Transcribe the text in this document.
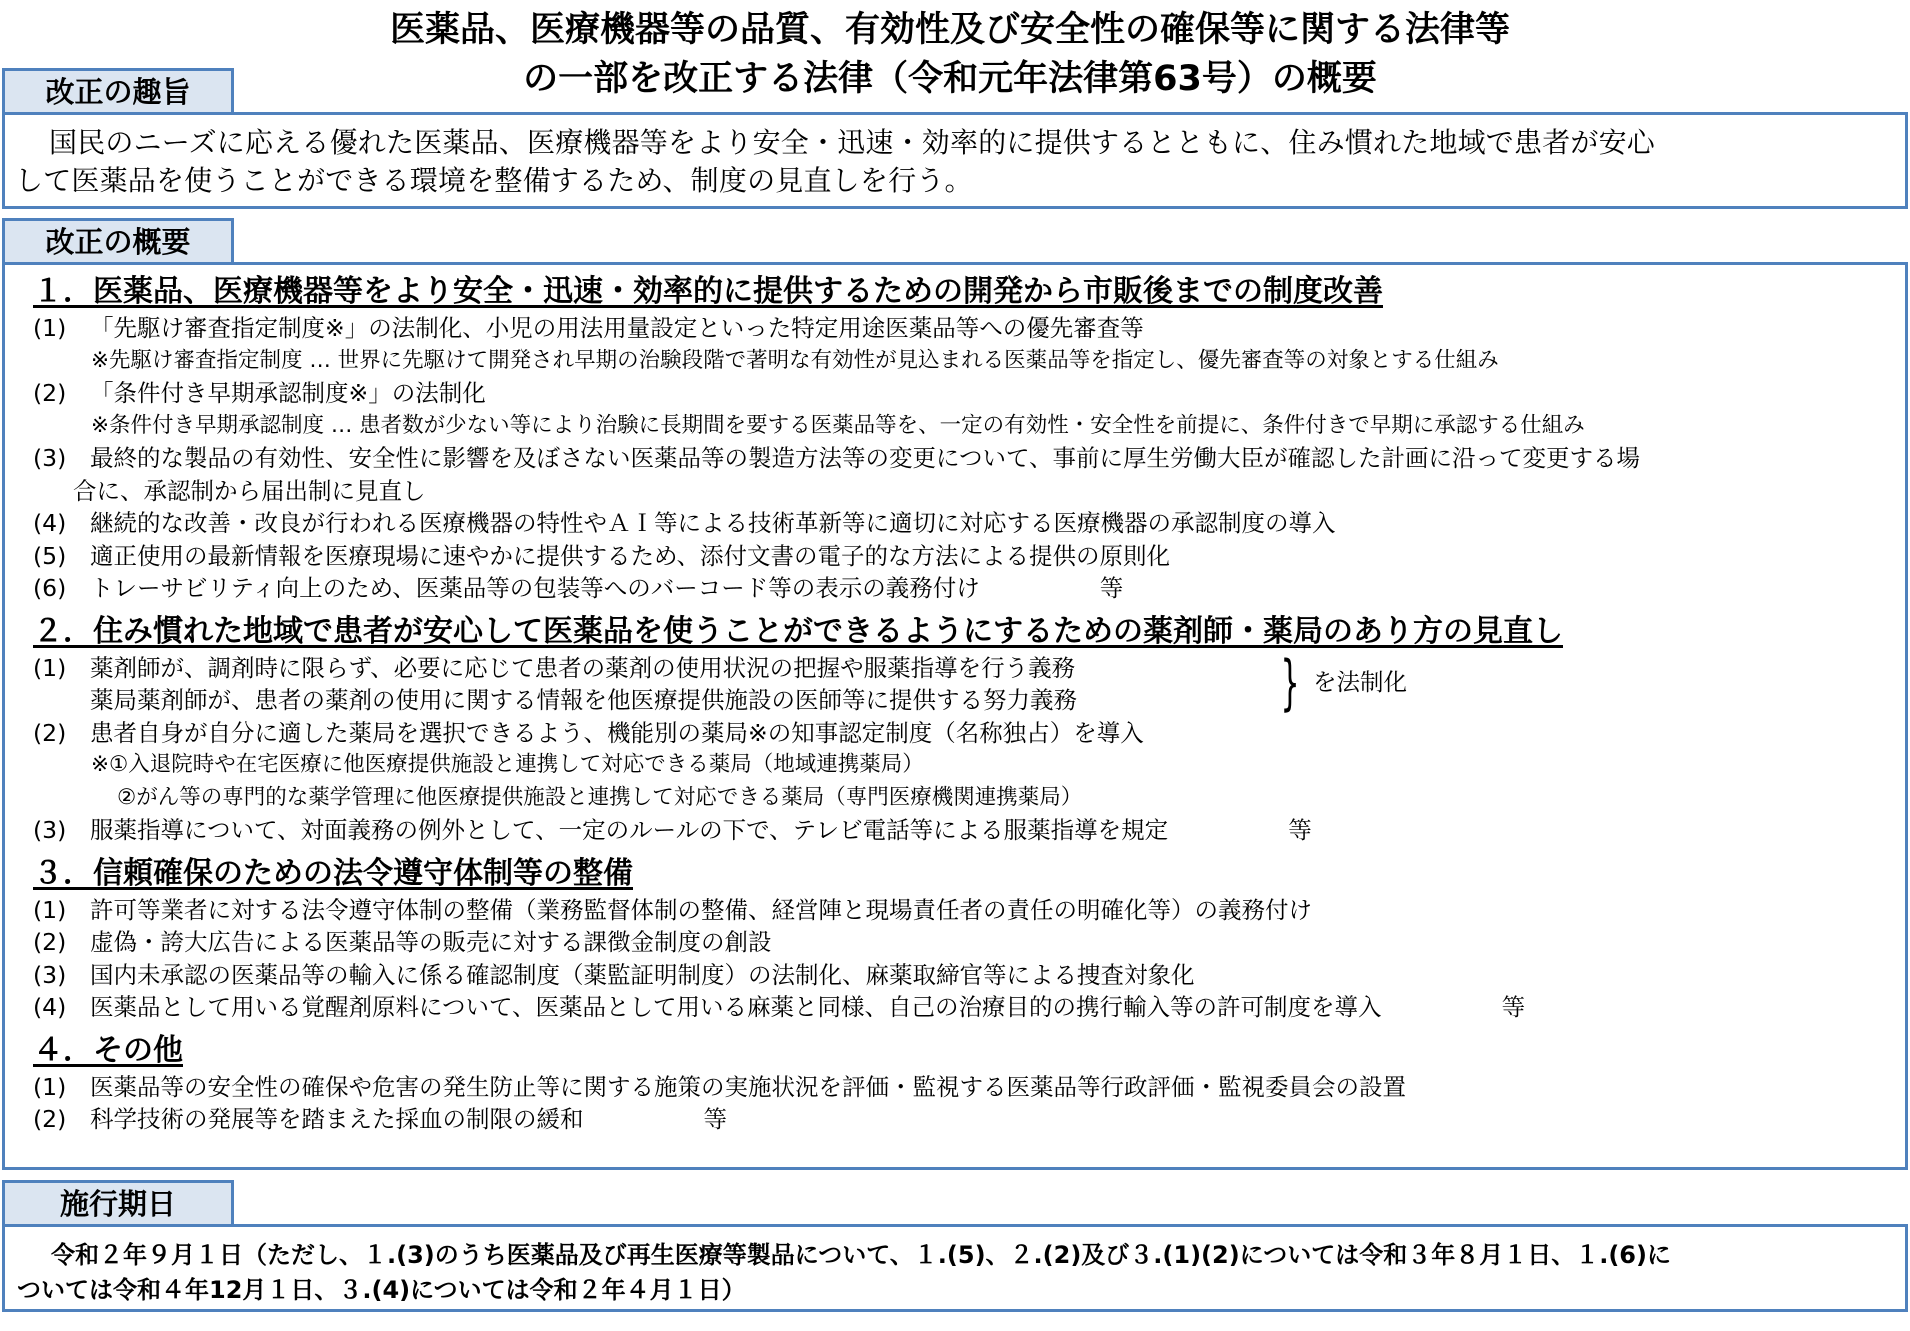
医薬品、医療機器等の品質、有効性及び安全性の確保等に関する法律等
の一部を改正する法律（令和元年法律第63号）の概要
改正の趣旨

国民のニーズに応える優れた医薬品、医療機器等をより安全・迅速・効率的に提供するとともに、住み慣れた地域で患者が安心

して医薬品を使うことができる環境を整備するため、制度の見直しを行う。

改正の概要
１．医薬品、医療機器等をより安全・迅速・効率的に提供するための開発から市販後までの制度改善
(1) 「先駆け審査指定制度※」の法制化、小児の用法用量設定といった特定用途医薬品等への優先審査等
※先駆け審査指定制度 … 世界に先駆けて開発され早期の治験段階で著明な有効性が見込まれる医薬品等を指定し、優先審査等の対象とする仕組み
(2) 「条件付き早期承認制度※」の法制化
※条件付き早期承認制度 … 患者数が少ない等により治験に長期間を要する医薬品等を、一定の有効性・安全性を前提に、条件付きで早期に承認する仕組み
(3) 最終的な製品の有効性、安全性に影響を及ぼさない医薬品等の製造方法等の変更について、事前に厚生労働大臣が確認した計画に沿って変更する場
合に、承認制から届出制に見直し
(4) 継続的な改善・改良が行われる医療機器の特性やＡＩ等による技術革新等に適切に対応する医療機器の承認制度の導入
(5) 適正使用の最新情報を医療現場に速やかに提供するため、添付文書の電子的な方法による提供の原則化
(6) トレーサビリティ向上のため、医薬品等の包装等へのバーコード等の表示の義務付け	等
２．住み慣れた地域で患者が安心して医薬品を使うことができるようにするための薬剤師・薬局のあり方の見直し
(1) 薬剤師が、調剤時に限らず、必要に応じて患者の薬剤の使用状況の把握や服薬指導を行う義務
薬局薬剤師が、患者の薬剤の使用に関する情報を他医療提供施設の医師等に提供する努力義務	} を法制化
(2) 患者自身が自分に適した薬局を選択できるよう、機能別の薬局※の知事認定制度（名称独占）を導入
※①入退院時や在宅医療に他医療提供施設と連携して対応できる薬局（地域連携薬局）
②がん等の専門的な薬学管理に他医療提供施設と連携して対応できる薬局（専門医療機関連携薬局）
(3) 服薬指導について、対面義務の例外として、一定のルールの下で、テレビ電話等による服薬指導を規定	等
３．信頼確保のための法令遵守体制等の整備
(1) 許可等業者に対する法令遵守体制の整備（業務監督体制の整備、経営陣と現場責任者の責任の明確化等）の義務付け
(2) 虚偽・誇大広告による医薬品等の販売に対する課徴金制度の創設
(3) 国内未承認の医薬品等の輸入に係る確認制度（薬監証明制度）の法制化、麻薬取締官等による捜査対象化
(4) 医薬品として用いる覚醒剤原料について、医薬品として用いる麻薬と同様、自己の治療目的の携行輸入等の許可制度を導入	等
４．その他
(1) 医薬品等の安全性の確保や危害の発生防止等に関する施策の実施状況を評価・監視する医薬品等行政評価・監視委員会の設置
(2) 科学技術の発展等を踏まえた採血の制限の緩和	等
施行期日

令和２年９月１日（ただし、１.(3)のうち医薬品及び再生医療等製品について、１.(5)、２.(2)及び３.(1)(2)については令和３年８月１日、１.(6)に

ついては令和４年12月１日、３.(4)については令和２年４月１日）
